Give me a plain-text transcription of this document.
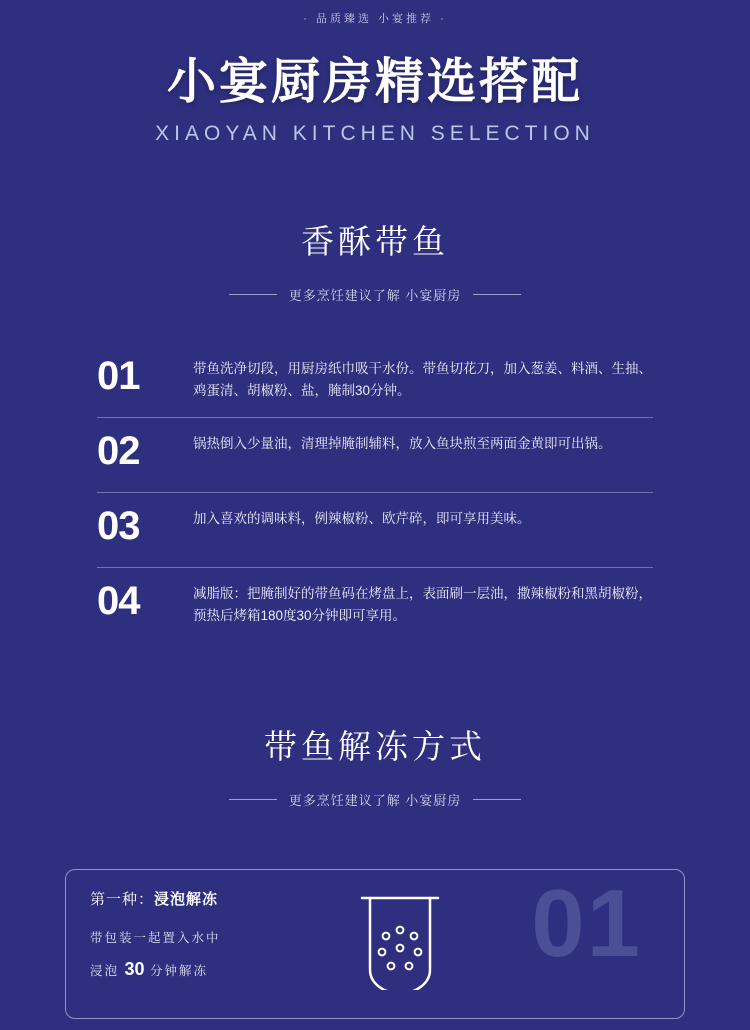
· 品质臻选 小宴推荐 ·
小宴厨房精选搭配
XIAOYAN KITCHEN SELECTION
香酥带鱼
更多烹饪建议了解 小宴厨房
01	带鱼洗净切段，用厨房纸巾吸干水份。带鱼切花刀，加入葱姜、料酒、生抽、鸡蛋清、胡椒粉、盐，腌制30分钟。
02	锅热倒入少量油，清理掉腌制辅料，放入鱼块煎至两面金黄即可出锅。
03	加入喜欢的调味料，例辣椒粉、欧芹碎，即可享用美味。
04	减脂版：把腌制好的带鱼码在烤盘上，表面刷一层油，撒辣椒粉和黑胡椒粉，预热后烤箱180度30分钟即可享用。
带鱼解冻方式
更多烹饪建议了解 小宴厨房
第一种：浸泡解冻
带包装一起置入水中
浸泡 30 分钟解冻	01
